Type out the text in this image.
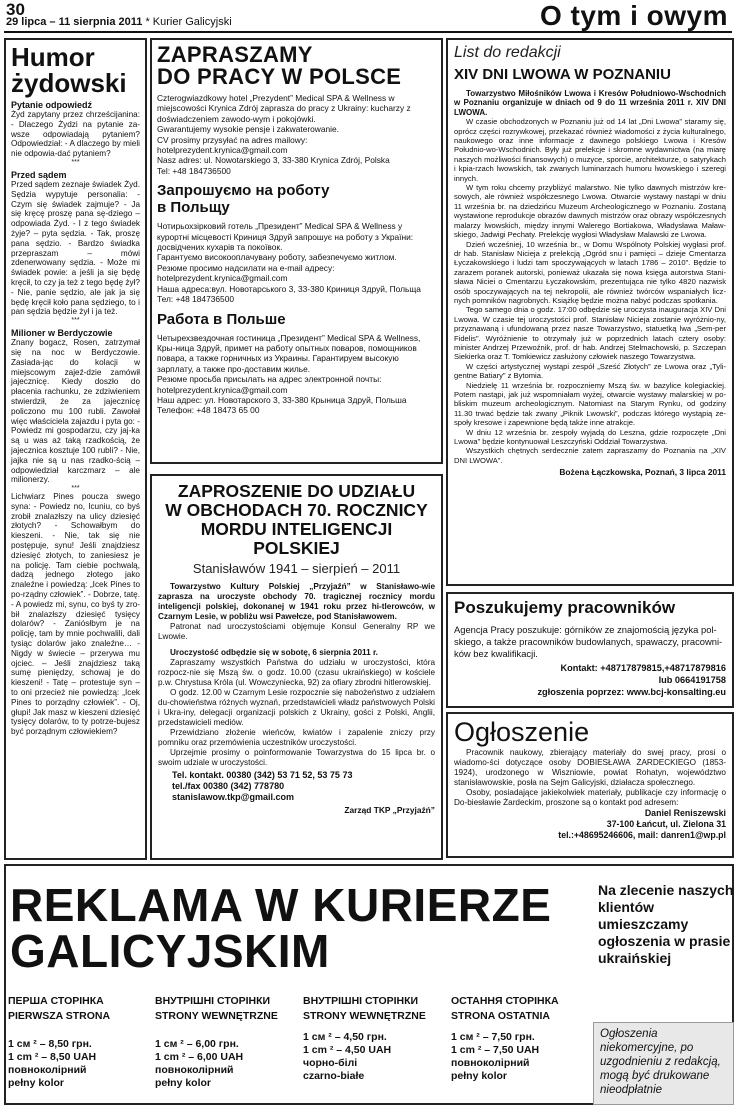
30
29 lipca – 11 sierpnia 2011 * Kurier Galicyjski	O tym i owym
Humor
żydowski
Pytanie odpowiedź
Żyd zapytany przez chrześcijanina: - Dlaczego Żydzi na pytanie za-wsze odpowiadają pytaniem? Odpowiedział: - A dlaczego by mieli nie odpowia-dać pytaniem?
***
Przed sądem
Przed sądem zeznaje świadek Żyd. Sędzia wypytuje personalia: - Czym się świadek zajmuje? - Ja się kręcę proszę pana sę-dziego – odpowiada Żyd. - I z tego świadek żyje? – pyta sędzia. - Tak, proszę pana sędzio. - Bardzo świadka przepraszam – mówi zdenerwowany sędzia. - Może mi świadek powie: a jeśli ja się będę kręcił, to czy ja też z tego będę żył? - Nie, panie sędzio, ale jak ja się będę kręcił koło pana sędziego, to i pan sędzia będzie żył i ja też.
***
Milioner w Berdyczowie
Znany bogacz, Rosen, zatrzymał się na noc w Berdyczowie. Zasiada-jąc do kolacji w miejscowym zajeź-dzie zamówił jajecznicę. Kiedy doszło do płacenia rachunku, ze zdziwieniem stwierdził, że za jajecznicę policzono mu 100 rubli. Zawołał więc właściciela zajazdu i pyta go: - Powiedz mi gospodarzu, czy jaj-ka są u was aż taką rzadkością, że jajecznica kosztuje 100 rubli? - Nie, jajka nie są u nas rzadko-ścią – odpowiedział karczmarz – ale milionerzy.
***
Lichwiarz Pines poucza swego syna: - Powiedz no, Icuniu, co byś zrobił znalazłszy na ulicy dziesięć złotych? - Schowałbym do kieszeni. - Nie, tak się nie postępuje, synu! Jeśli znajdziesz dziesięć złotych, to zaniesiesz je na policję. Tam ciebie pochwalą, dadzą jednego złotego jako znaleźne i powiedzą: „Icek Pines to po-rządny człowiek”. - Dobrze, tatę. - A powiedz mi, synu, co byś ty zro-bił znalazłszy dziesięć tysięcy dolarów? - Zaniósłbym je na policję, tam by mnie pochwalili, dali tysiąc dolarów jako znaleźne… - Nigdy w świecie – przerywa mu ojciec. – Jeśli znajdziesz taką sumę pieniędzy, schowaj je do kieszeni! - Tatę – protestuje syn – to oni przecież nie powiedzą: „Icek Pines to porządny człowiek”. - Oj, głupi! Jak masz w kieszeni dziesięć tysięcy dolarów, to ty potrze-bujesz być porządnym człowiekiem?
ZAPRASZAMY
DO PRACY W POLSCE
Czterogwiazdkowy hotel „Prezydent” Medical SPA & Wellness w miejscowości Krynica Zdrój zaprasza do pracy z Ukrainy: kucharzy z doświadczeniem zawodo-wym i pokojówki.
Gwarantujemy wysokie pensje i zakwaterowanie.
CV prosimy przysyłać na adres mailowy: hotelprezydent.krynica@gmail.com
Nasz adres: ul. Nowotarskiego 3, 33-380 Krynica Zdrój, Polska
Tel: +48 184736500
Запрошуємо на роботу
в Польщу
Чотирьохзірковий готель „Президент” Medical SPA & Wellness у курортні місцевості Криниця Здруй запрошує на роботу з України: досвідчених кухарів та покоївок.
Гарантуємо високооплачувану роботу, забезпечуємо житлом.
Резюме просимо надсилати на е-mail адресу: hotelprezydent.krynica@gmail.com
Наша адреса:вул. Новотарського 3, 33-380 Криниця Здруй, Польща
Тел: +48 184736500
Работа в Польше
Четырехзвездочная гостиница „Президент” Medical SPA & Wellness, Кры-ница Здруй, примет на работу опытных поваров, помощников повара, а также горничных из Украины. Гарантируем высокую зарплату, а также про-доставим жилье.
Резюме просьба присылать на адрес электронной почты: hotelprezydent.krynica@gmail.com
Наш адрес: ул. Новотарского 3, 33-380 Крыница Здруй, Польша
Телефон: +48 18473 65 00
ZAPROSZENIE DO UDZIAŁU
W OBCHODACH 70. ROCZNICY
MORDU INTELIGENCJI POLSKIEJ
Stanisławów 1941 – sierpień – 2011

Towarzystwo Kultury Polskiej „Przyjaźń” w Stanisławo-wie zaprasza na uroczyste obchody 70. tragicznej rocznicy mordu inteligencji polskiej, dokonanej w 1941 roku przez hi-tlerowców, w Czarnym Lesie, w pobliżu wsi Pawełcze, pod Stanisławowem.

Patronat nad uroczystościami objęmuje Konsul Generalny RP we Lwowie.

Uroczystość odbędzie się w sobotę, 6 sierpnia 2011 r.

Zapraszamy wszystkich Państwa do udziału w uroczystości, która rozpocz-nie się Mszą św. o godz. 10.00 (czasu ukraińskiego) w kościele p.w. Chrystusa Króla (ul. Wowczyniecka, 92) za ofiary zbrodni hitlerowskiej.

O godz. 12.00 w Czarnym Lesie rozpocznie się nabożeństwo z udziałem du-chowieństwa różnych wyznań, przedstawicieli władz państwowych Polski i Ukra-iny, delegacji organizacji polskich z Ukrainy, gości z Polski, Anglii, przedstawicieli mediów.

Przewidziano złożenie wieńców, kwiatów i zapalenie zniczy przy pomniku oraz przemówienia uczestników uroczystości.

Uprzejmie prosimy o poinformowanie Towarzystwa do 15 lipca br. o swoim udziale w uroczystości.

Tel. kontakt. 00380 (342) 53 71 52, 53 75 73
tel./fax 00380 (342) 778780
stanislawow.tkp@gmail.com
Zarząd TKP „Przyjaźń”
List do redakcji
XIV DNI LWOWA W POZNANIU

Towarzystwo Miłośników Lwowa i Kresów Południowo-Wschodnich w Poznaniu organizuje w dniach od 9 do 11 września 2011 r. XIV DNI LWOWA.

W czasie obchodzonych w Poznaniu już od 14 lat „Dni Lwowa” staramy się, oprócz części rozrywkowej, przekazać również wiadomości z życia kulturalnego, naukowego oraz inne informacje z dawnego polskiego Lwowa i Kresów Południo-wo-Wschodnich. Były już prelekcje i skromne wydawnictwa (na miarę naszych możliwości finansowych) o muzyce, sporcie, architekturze, o satyrykach i kpia-rzach lwowskich, tak zwanych luminarzach humoru lwowskiego i szeregi innych.

W tym roku chcemy przybliżyć malarstwo. Nie tylko dawnych mistrzów kre-sowych, ale również współczesnego Lwowa. Otwarcie wystawy nastąpi w dniu 11 września br. na dziedzińcu Muzeum Archeologicznego w Poznaniu. Zostaną wystawione reprodukcje obrazów dawnych mistrzów oraz obrazy współczesnych malarzy lwowskich, między innymi Walerego Bortiakowa, Władysława Maław-skiego, Jadwigi Pechaty. Prelekcję wygłosi Władysław Malawski ze Lwowa.

Dzień wcześniej, 10 września br., w Domu Wspólnoty Polskiej wygłasi prof. dr hab. Stanisław Nicieja z prelekcją „Ogród snu i pamięci – dzieje Cmentarza Łyczakowskiego i ludzi tam spoczywających w latach 1786 – 2010”. Będzie to zarazem poranek autorski, ponieważ ukazała się nowa księga autorstwa Stani-sława Niciei o Cmentarzu Łyczakowskim, prezentująca nie tylko 4820 nazwisk osób spoczywających na tej nekropolii, ale również twórców wspaniałych licz-nych pomników nagrobnych. Książkę będzie można nabyć podczas spotkania.

Tego samego dnia o godz. 17:00 odbędzie się uroczysta inauguracja XIV Dni Lwowa. W czasie tej uroczystości prof. Stanisław Nicieja zostanie wyróżnio-ny, przyznawaną i ufundowaną przez nasze Towarzystwo, statuetką lwa „Sem-per Fidelis”. Wyróżnienie to otrzymały już w poprzednich latach cztery osoby: minister Andrzej Przewoźnik, prof. dr hab. Andrzej Stelmachowski, p. Szczepan Siekierka oraz T. Tomkiewicz zasłużony człowiek naszego Towarzystwa.

W części artystycznej wystąpi zespół „Sześć Złotych” ze Lwowa oraz „Tyli-gentne Batiary” z Bytomia.

Niedzielę 11 września br. rozpoczniemy Mszą św. w bazylice kolegiackiej. Potem nastąpi, jak już wspomniałam wyżej, otwarcie wystawy malarskiej w po-bliskim muzeum archeologicznym. Natomiast na Starym Rynku, od godziny 11.30 trwać będzie tak zwany „Piknik Lwowski”, podczas którego wystąpią ze-społy kresowe i zapewnione będą także inne atrakcje.

W dniu 12 września br. zespoły wyjadą do Leszna, gdzie rozpoczęte „Dni Lwowa” będzie kontynuował Leszczyński Oddział Towarzystwa.

Wszystkich chętnych serdecznie zatem zapraszamy do Poznania na „XIV DNI LWOWA”.

Bożena Łączkowska, Poznań, 3 lipca 2011
Poszukujemy pracowników
Agencja Pracy poszukuje: górników ze znajomością języka pol-skiego, a także pracowników budowlanych, spawaczy, pracowni-ków bez kwalifikacji.
Kontakt: +48717879815,+48717879816
lub 0664191758
zgłoszenia poprzez: www.bcj-konsalting.eu
Ogłoszenie

Pracownik naukowy, zbierający materiały do swej pracy, prosi o wiadomo-ści dotyczące osoby DOBIESŁAWA ŻARDECKIEGO (1853-1924), urodzonego w Wiszniowie, powiat Rohatyn, województwo stanisławowskie, posła na Sejm Galicyjski, działacza społecznego.

Osoby, posiadające jakiekolwiek materiały, publikacje czy informację o Do-biesławie Żardeckim, proszone są o kontakt pod adresem:

Daniel Reniszewski
37-100 Łańcut, ul. Zielona 31
tel.:+48695246606, mail: danren1@wp.pl
REKLAMA W KURIERZE
GALICYJSKIM
Na zlecenie naszych klientów umieszczamy ogłoszenia w prasie ukraińskiej
ПЕРША СТОРІНКА
PIERWSZA STRONA
1 см ² – 8,50 грн.
1 cm ² – 8,50 UAH
повноколірний
pełny kolor
ВНУТРІШНІ СТОРІНКИ
STRONY WEWNĘTRZNE
1 см ² – 6,00 грн.
1 cm ² – 6,00 UAH
повноколірний
pełny kolor
ВНУТРІШНІ СТОРІНКИ
STRONY WEWNĘTRZNE
1 см ² – 4,50 грн.
1 cm ² – 4,50 UAH
чорно-білі
czarno-białe
ОСТАННЯ СТОРІНКА
STRONA OSTATNIA
1 см ² – 7,50 грн.
1 cm ² – 7,50 UAH
повноколірний
pełny kolor
Ogłoszenia niekomercyjne, po uzgodnieniu z redakcją, mogą być drukowane nieodpłatnie
